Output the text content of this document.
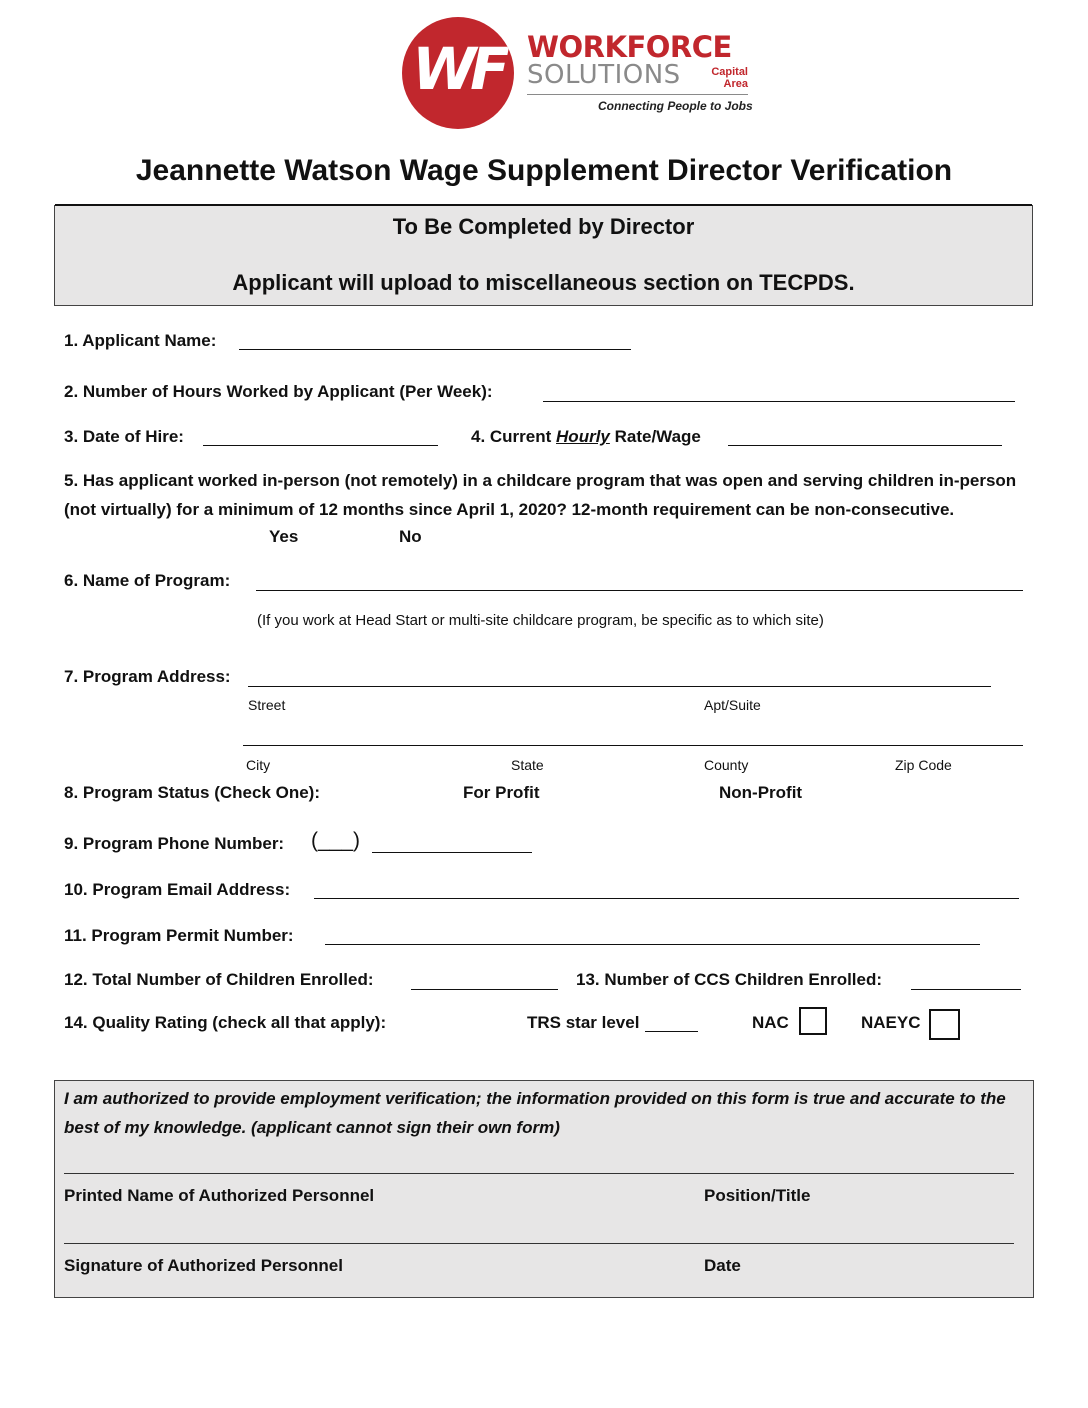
WF WORKFORCE
SOLUTIONS	Capital
Area
Connecting People to Jobs
Jeannette Watson Wage Supplement Director Verification
To Be Completed by Director
Applicant will upload to miscellaneous section on TECPDS.
1. Applicant Name:
2. Number of Hours Worked by Applicant (Per Week):
3. Date of Hire:	4. Current Hourly Rate/Wage
5. Has applicant worked in-person (not remotely) in a childcare program that was open and serving children in-person (not virtually) for a minimum of 12 months since April 1, 2020? 12-month requirement can be non-consecutive.
Yes	No
6. Name of Program:
(If you work at Head Start or multi-site childcare program, be specific as to which site)
7. Program Address:
Street	Apt/Suite
City	State	County	Zip Code
8. Program Status (Check One):	For Profit	Non-Profit
9. Program Phone Number: (___)
10. Program Email Address:
11. Program Permit Number:
12. Total Number of Children Enrolled:	13. Number of CCS Children Enrolled:
14. Quality Rating (check all that apply):	TRS star level	NAC	NAEYC
I am authorized to provide employment verification; the information provided on this form is true and accurate to the best of my knowledge. (applicant cannot sign their own form)
Printed Name of Authorized Personnel	Position/Title
Signature of Authorized Personnel	Date
